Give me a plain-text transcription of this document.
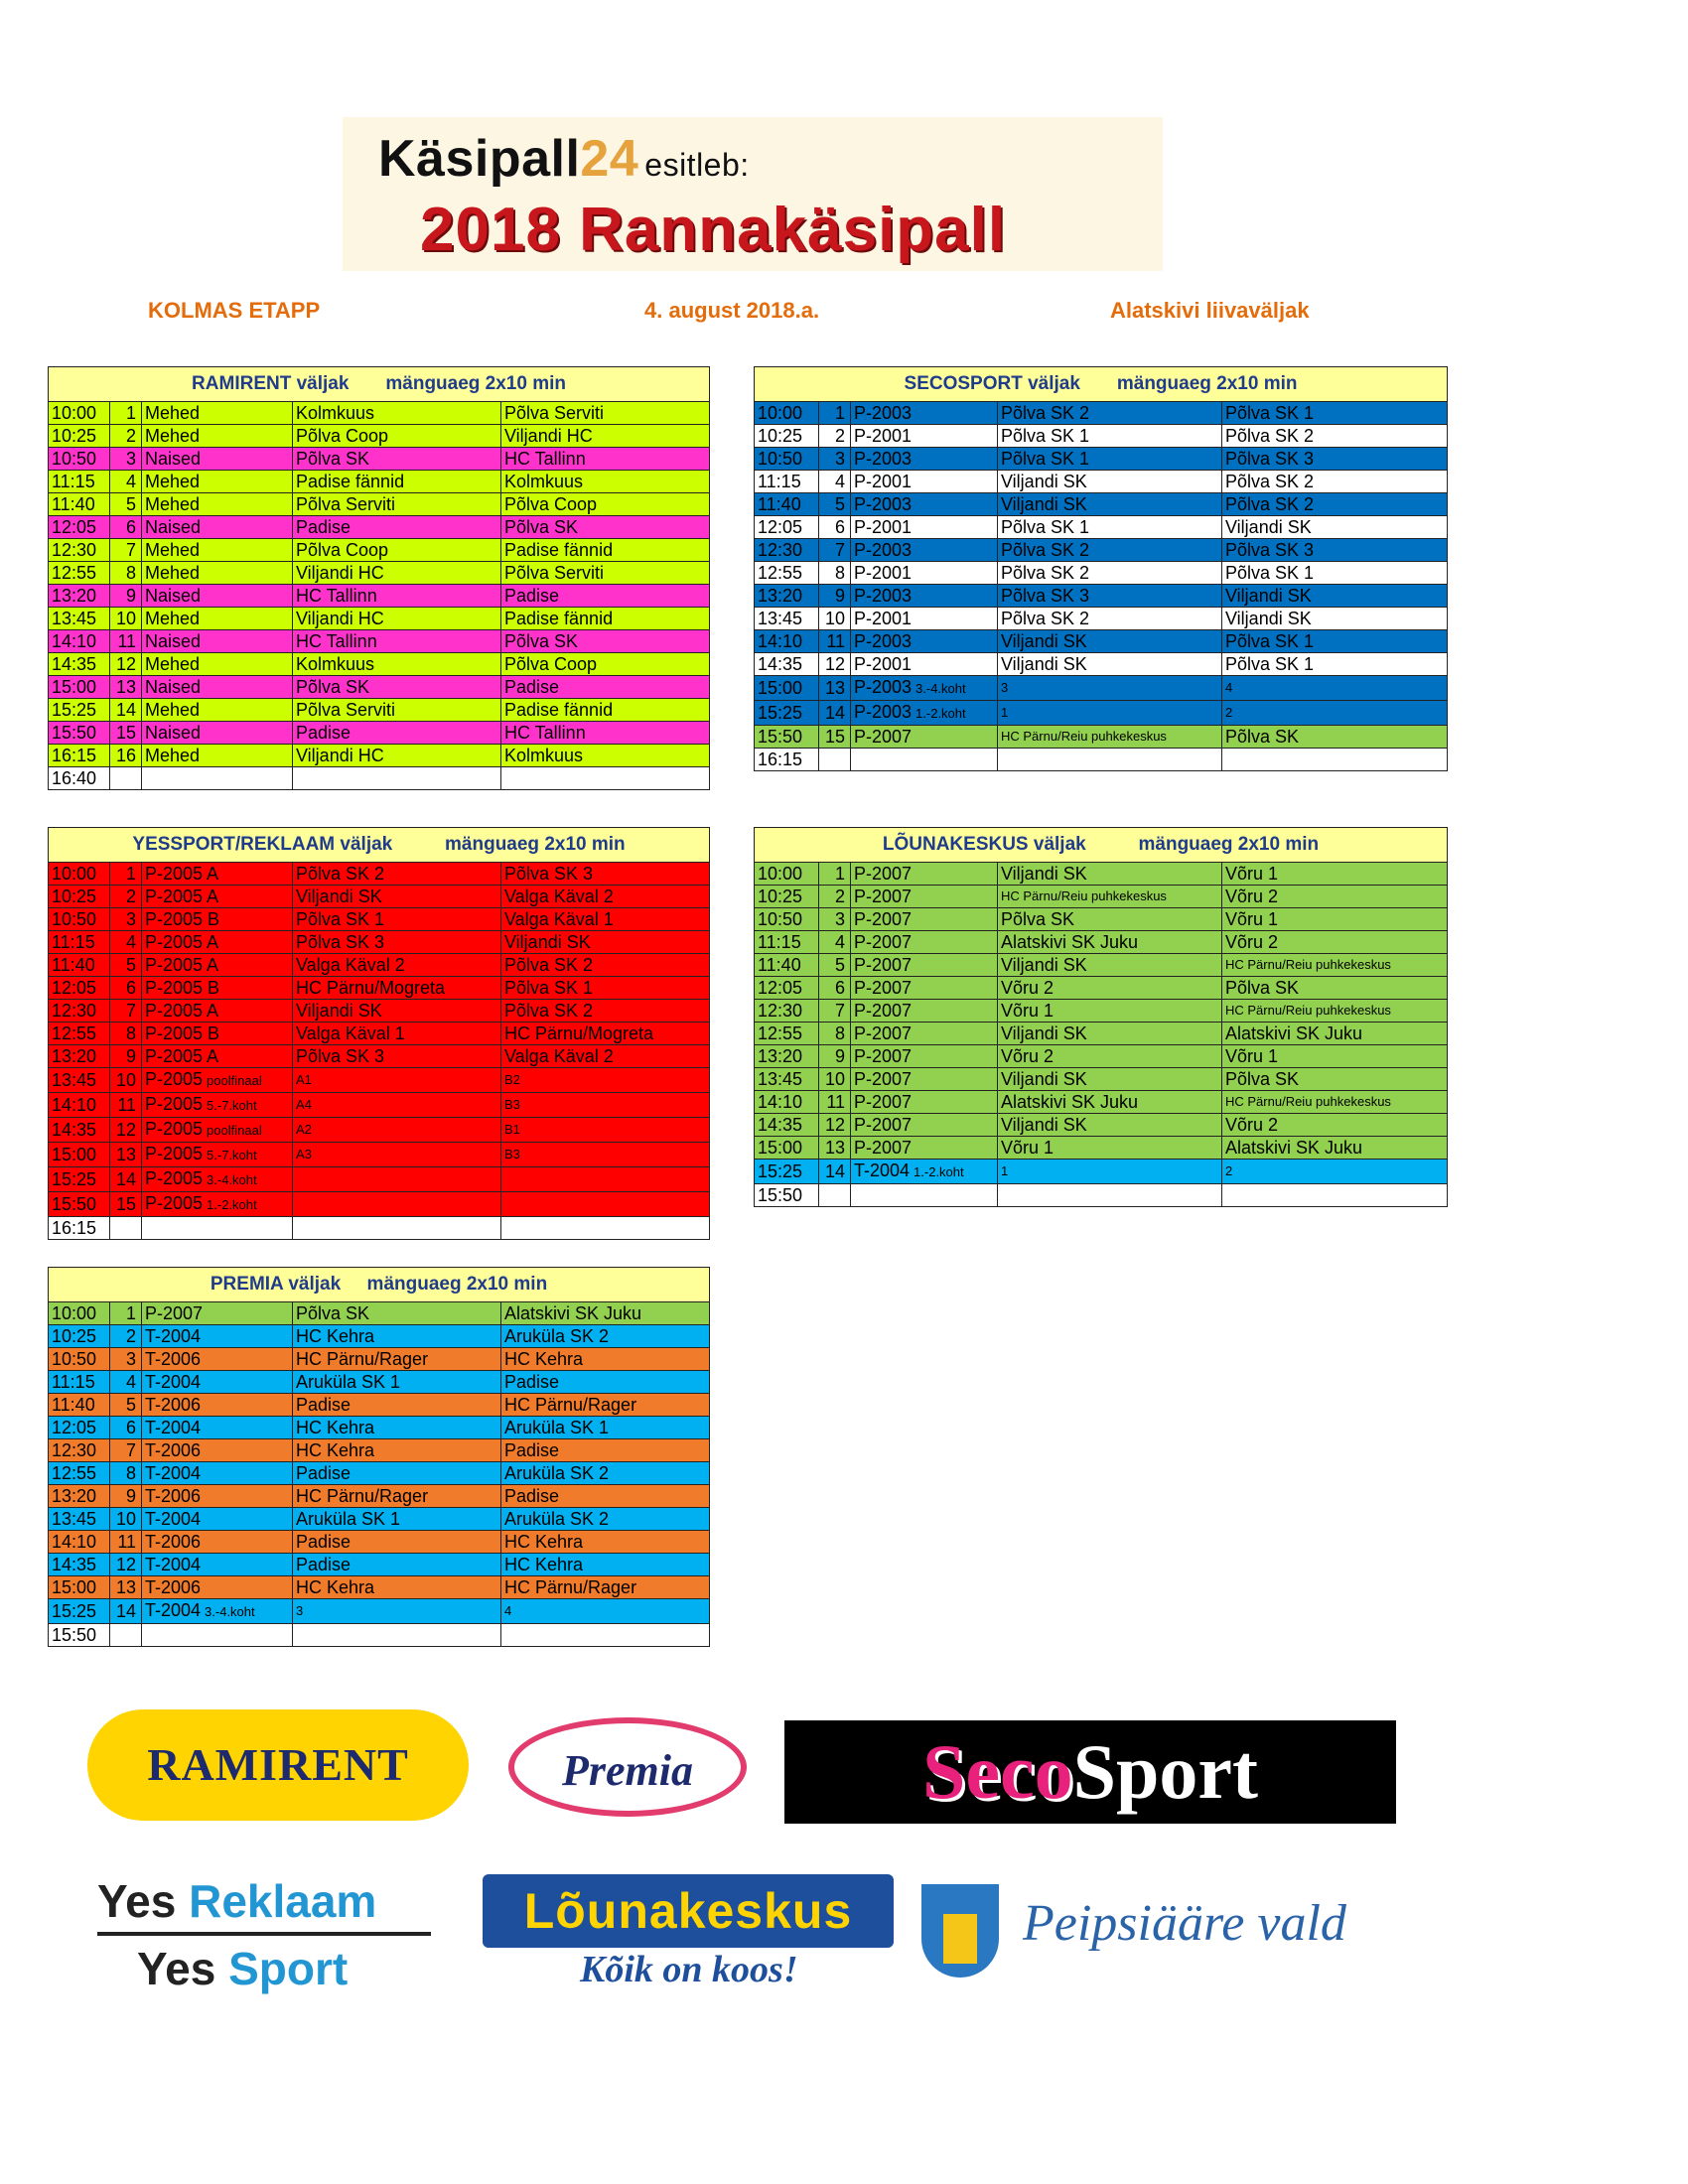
Käsipall24 esitleb:
2018 Rannakäsipall
KOLMAS ETAPP	4. august 2018.a.	Alatskivi liivaväljak
RAMIRENT väljak       mänguaeg 2x10 min				
10:00	1	Mehed	Kolmkuus	Põlva Serviti
10:25	2	Mehed	Põlva Coop	Viljandi HC
10:50	3	Naised	Põlva SK	HC Tallinn
11:15	4	Mehed	Padise fännid	Kolmkuus
11:40	5	Mehed	Põlva Serviti	Põlva Coop
12:05	6	Naised	Padise	Põlva SK
12:30	7	Mehed	Põlva Coop	Padise fännid
12:55	8	Mehed	Viljandi HC	Põlva Serviti
13:20	9	Naised	HC Tallinn	Padise
13:45	10	Mehed	Viljandi HC	Padise fännid
14:10	11	Naised	HC Tallinn	Põlva SK
14:35	12	Mehed	Kolmkuus	Põlva Coop
15:00	13	Naised	Põlva SK	Padise
15:25	14	Mehed	Põlva Serviti	Padise fännid
15:50	15	Naised	Padise	HC Tallinn
16:15	16	Mehed	Viljandi HC	Kolmkuus
16:40				
SECOSPORT väljak       mänguaeg 2x10 min				
10:00	1	P-2003	Põlva SK 2	Põlva SK 1
10:25	2	P-2001	Põlva SK 1	Põlva SK 2
10:50	3	P-2003	Põlva SK 1	Põlva SK 3
11:15	4	P-2001	Viljandi SK	Põlva SK 2
11:40	5	P-2003	Viljandi SK	Põlva SK 2
12:05	6	P-2001	Põlva SK 1	Viljandi SK
12:30	7	P-2003	Põlva SK 2	Põlva SK 3
12:55	8	P-2001	Põlva SK 2	Põlva SK 1
13:20	9	P-2003	Põlva SK 3	Viljandi SK
13:45	10	P-2001	Põlva SK 2	Viljandi SK
14:10	11	P-2003	Viljandi SK	Põlva SK 1
14:35	12	P-2001	Viljandi SK	Põlva SK 1
15:00	13	P-2003 3.-4.koht	3	4
15:25	14	P-2003 1.-2.koht	1	2
15:50	15	P-2007	HC Pärnu/Reiu puhkekeskus	Põlva SK
16:15				
YESSPORT/REKLAAM väljak          mänguaeg 2x10 min				
10:00	1	P-2005 A	Põlva SK 2	Põlva SK 3
10:25	2	P-2005 A	Viljandi SK	Valga Käval 2
10:50	3	P-2005 B	Põlva SK 1	Valga Käval 1
11:15	4	P-2005 A	Põlva SK 3	Viljandi SK
11:40	5	P-2005 A	Valga Käval 2	Põlva SK 2
12:05	6	P-2005 B	HC Pärnu/Mogreta	Põlva SK 1
12:30	7	P-2005 A	Viljandi SK	Põlva SK 2
12:55	8	P-2005 B	Valga Käval 1	HC Pärnu/Mogreta
13:20	9	P-2005 A	Põlva SK 3	Valga Käval 2
13:45	10	P-2005 poolfinaal	A1	B2
14:10	11	P-2005 5.-7.koht	A4	B3
14:35	12	P-2005 poolfinaal	A2	B1
15:00	13	P-2005 5.-7.koht	A3	B3
15:25	14	P-2005 3.-4.koht		
15:50	15	P-2005 1.-2.koht		
16:15				
LÕUNAKESKUS väljak          mänguaeg 2x10 min				
10:00	1	P-2007	Viljandi SK	Võru 1
10:25	2	P-2007	HC Pärnu/Reiu puhkekeskus	Võru 2
10:50	3	P-2007	Põlva SK	Võru 1
11:15	4	P-2007	Alatskivi SK Juku	Võru 2
11:40	5	P-2007	Viljandi SK	HC Pärnu/Reiu puhkekeskus
12:05	6	P-2007	Võru 2	Põlva SK
12:30	7	P-2007	Võru 1	HC Pärnu/Reiu puhkekeskus
12:55	8	P-2007	Viljandi SK	Alatskivi SK Juku
13:20	9	P-2007	Võru 2	Võru 1
13:45	10	P-2007	Viljandi SK	Põlva SK
14:10	11	P-2007	Alatskivi SK Juku	HC Pärnu/Reiu puhkekeskus
14:35	12	P-2007	Viljandi SK	Võru 2
15:00	13	P-2007	Võru 1	Alatskivi SK Juku
15:25	14	T-2004 1.-2.koht	1	2
15:50				
PREMIA väljak     mänguaeg 2x10 min				
10:00	1	P-2007	Põlva SK	Alatskivi SK Juku
10:25	2	T-2004	HC Kehra	Aruküla SK 2
10:50	3	T-2006	HC Pärnu/Rager	HC Kehra
11:15	4	T-2004	Aruküla SK 1	Padise
11:40	5	T-2006	Padise	HC Pärnu/Rager
12:05	6	T-2004	HC Kehra	Aruküla SK 1
12:30	7	T-2006	HC Kehra	Padise
12:55	8	T-2004	Padise	Aruküla SK 2
13:20	9	T-2006	HC Pärnu/Rager	Padise
13:45	10	T-2004	Aruküla SK 1	Aruküla SK 2
14:10	11	T-2006	Padise	HC Kehra
14:35	12	T-2004	Padise	HC Kehra
15:00	13	T-2006	HC Kehra	HC Pärnu/Rager
15:25	14	T-2004 3.-4.koht	3	4
15:50				
RAMIRENT	Premia	SecoSport
Yes Reklaam
Yes Sport
Lõunakeskus
Kõik on koos!
Peipsiääre vald
